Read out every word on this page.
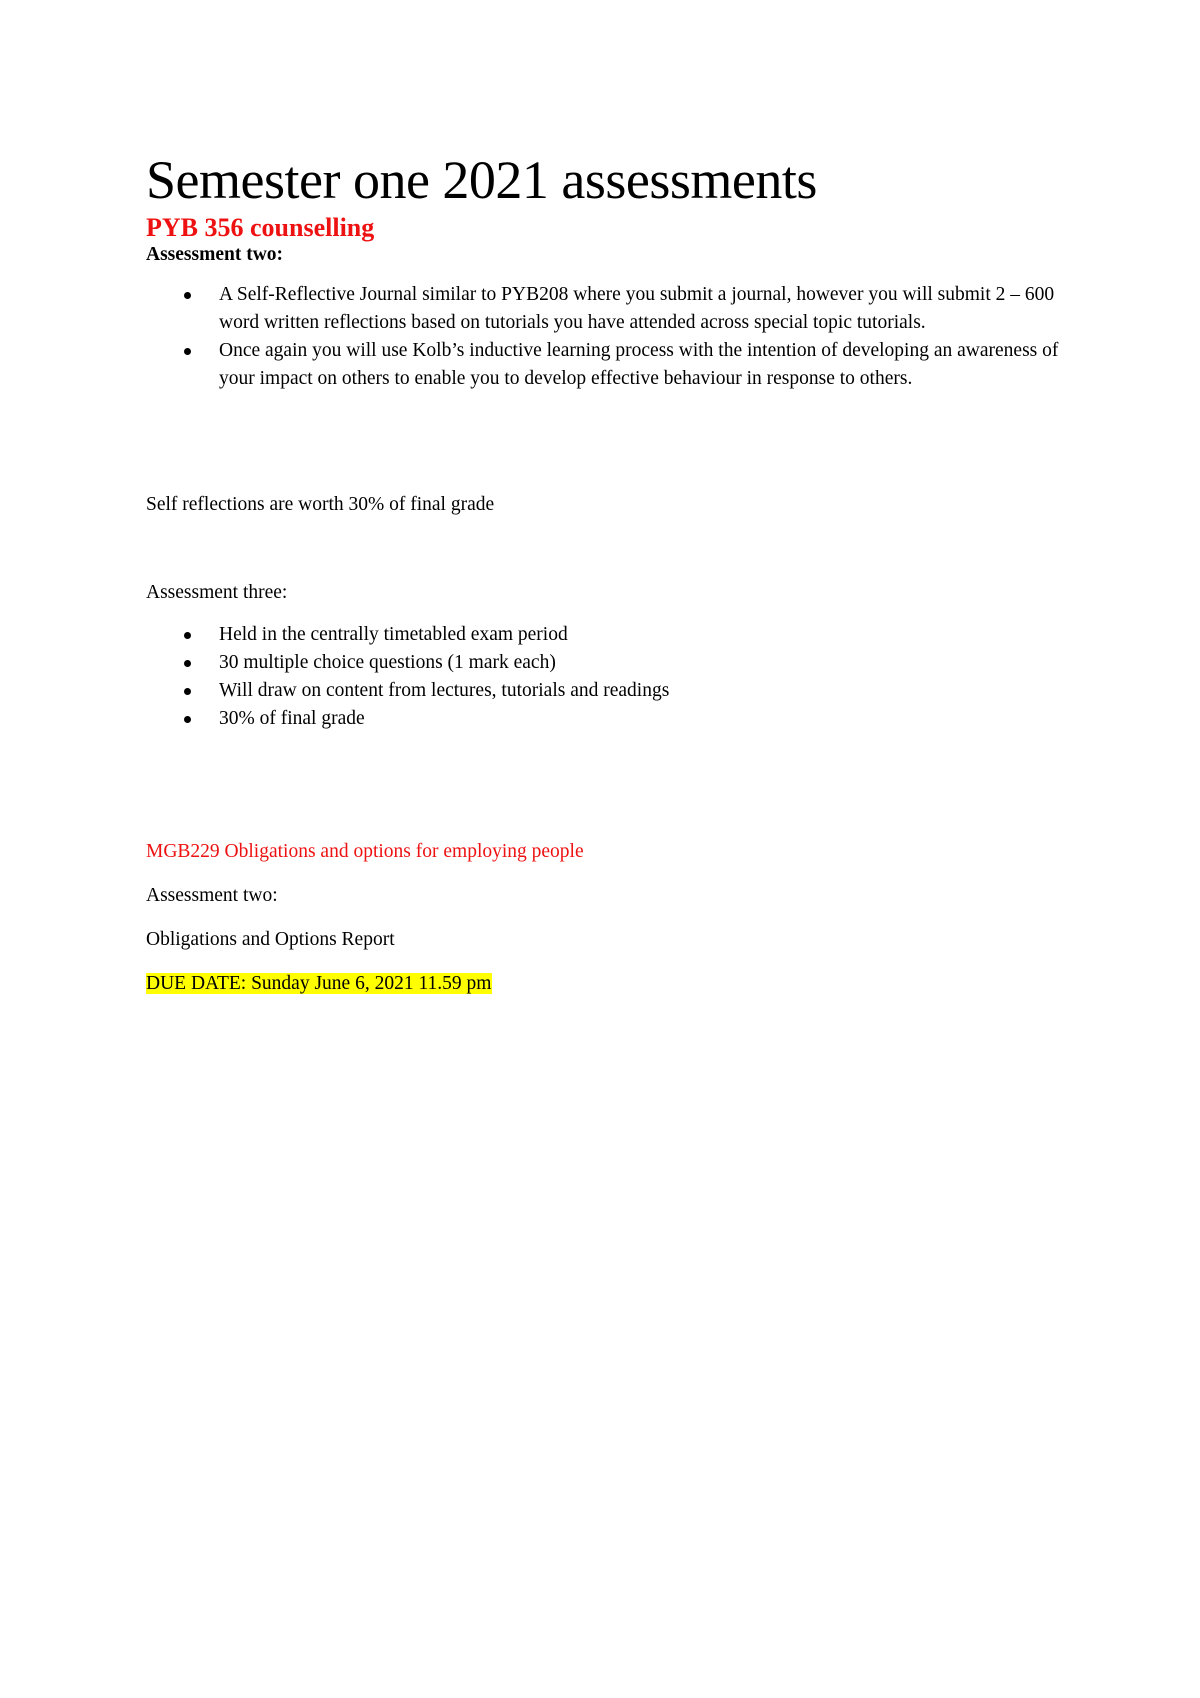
Semester one 2021 assessments
PYB 356 counselling

Assessment two:

A Self-Reflective Journal similar to PYB208 where you submit a journal, however you will submit 2 – 600 word written reflections based on tutorials you have attended across special topic tutorials.
Once again you will use Kolb’s inductive learning process with the intention of developing an awareness of your impact on others to enable you to develop effective behaviour in response to others.

Self reflections are worth 30% of final grade

Assessment three:

Held in the centrally timetabled exam period
30 multiple choice questions (1 mark each)
Will draw on content from lectures, tutorials and readings
30% of final grade

MGB229 Obligations and options for employing people

Assessment two:

Obligations and Options Report

DUE DATE: Sunday June 6, 2021 11.59 pm
